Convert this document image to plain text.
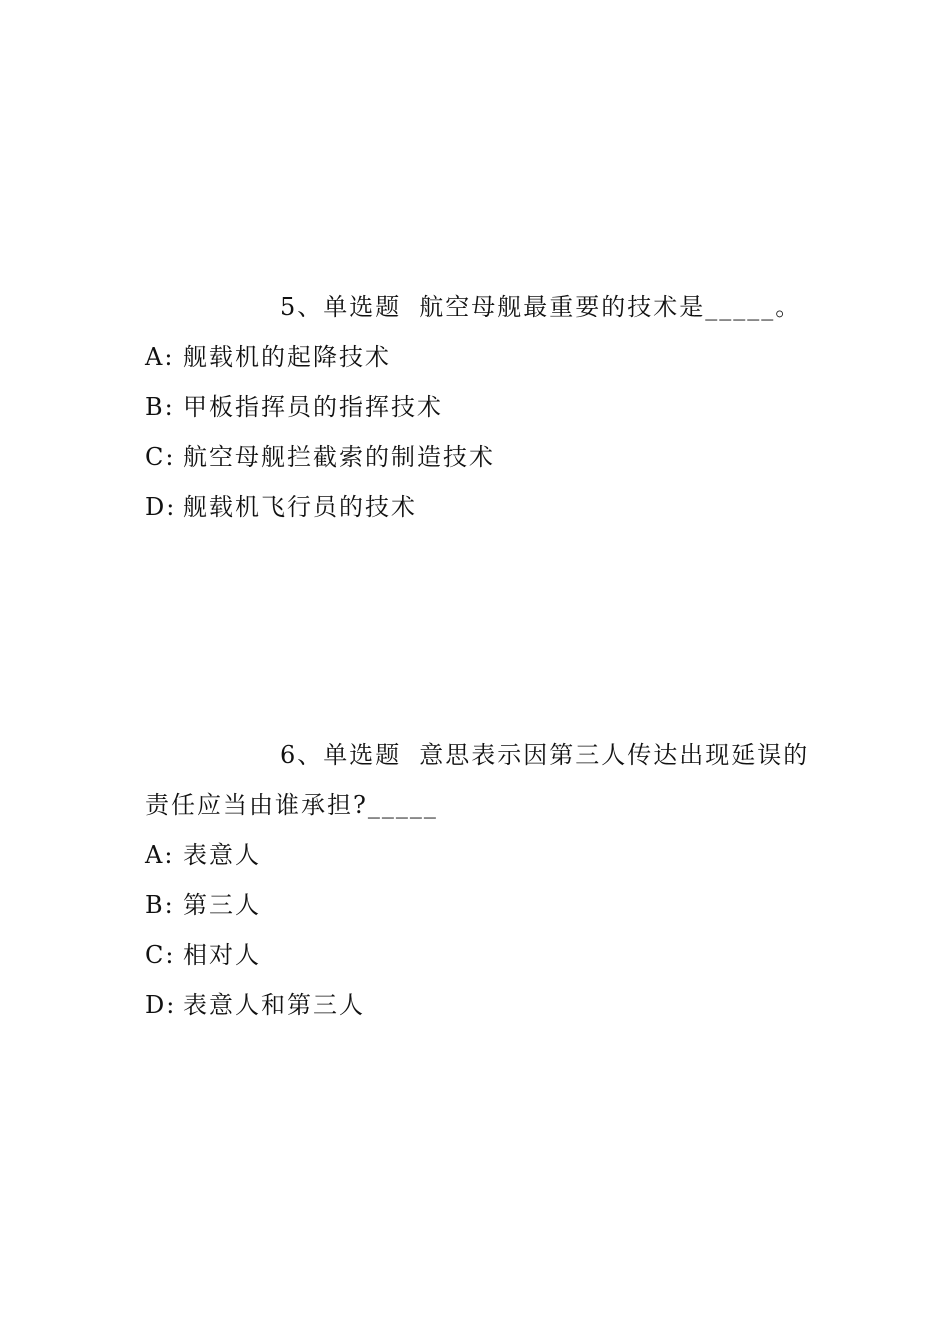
5、单选题 航空母舰最重要的技术是_____。
A: 舰载机的起降技术
B: 甲板指挥员的指挥技术
C: 航空母舰拦截索的制造技术
D: 舰载机飞行员的技术
6、单选题 意思表示因第三人传达出现延误的责任应当由谁承担?_____
A: 表意人
B: 第三人
C: 相对人
D: 表意人和第三人
